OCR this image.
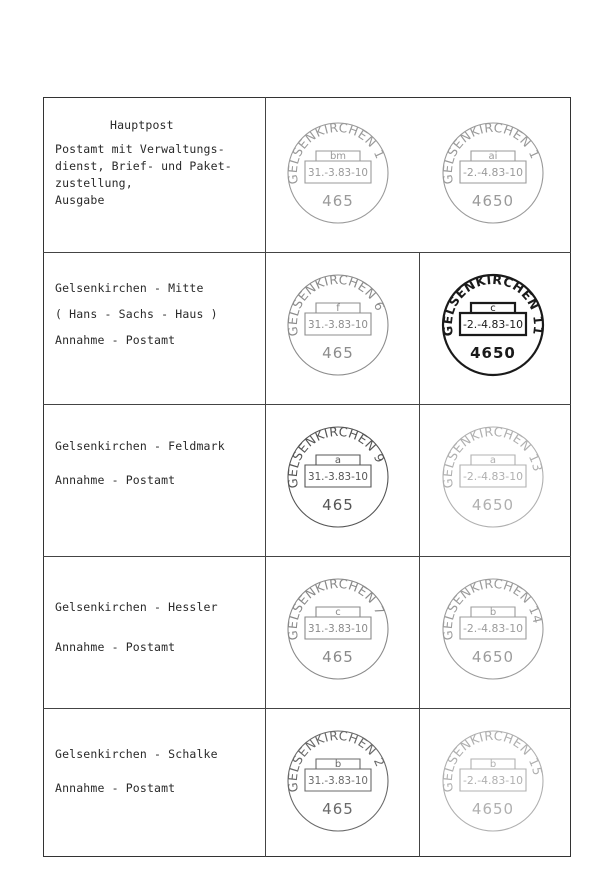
Hauptpost
Postamt mit Verwaltungs-
dienst, Brief- und Paket-
zustellung,
Ausgabe
Gelsenkirchen - Mitte
( Hans - Sachs - Haus )
Annahme - Postamt
Gelsenkirchen - Feldmark
Annahme - Postamt
Gelsenkirchen - Hessler
Annahme - Postamt
Gelsenkirchen - Schalke
Annahme - Postamt
GELSENKIRCHEN 1
bm
31.-3.83-10
465
GELSENKIRCHEN 1
ai
-2.-4.83-10
4650
GELSENKIRCHEN 6
f
31.-3.83-10
465
GELSENKIRCHEN 11
c
-2.-4.83-10
4650
GELSENKIRCHEN 9
a
31.-3.83-10
465
GELSENKIRCHEN 13
a
-2.-4.83-10
4650
GELSENKIRCHEN 7
c
31.-3.83-10
465
GELSENKIRCHEN 14
b
-2.-4.83-10
4650
GELSENKIRCHEN 2
b
31.-3.83-10
465
GELSENKIRCHEN 15
b
-2.-4.83-10
4650
